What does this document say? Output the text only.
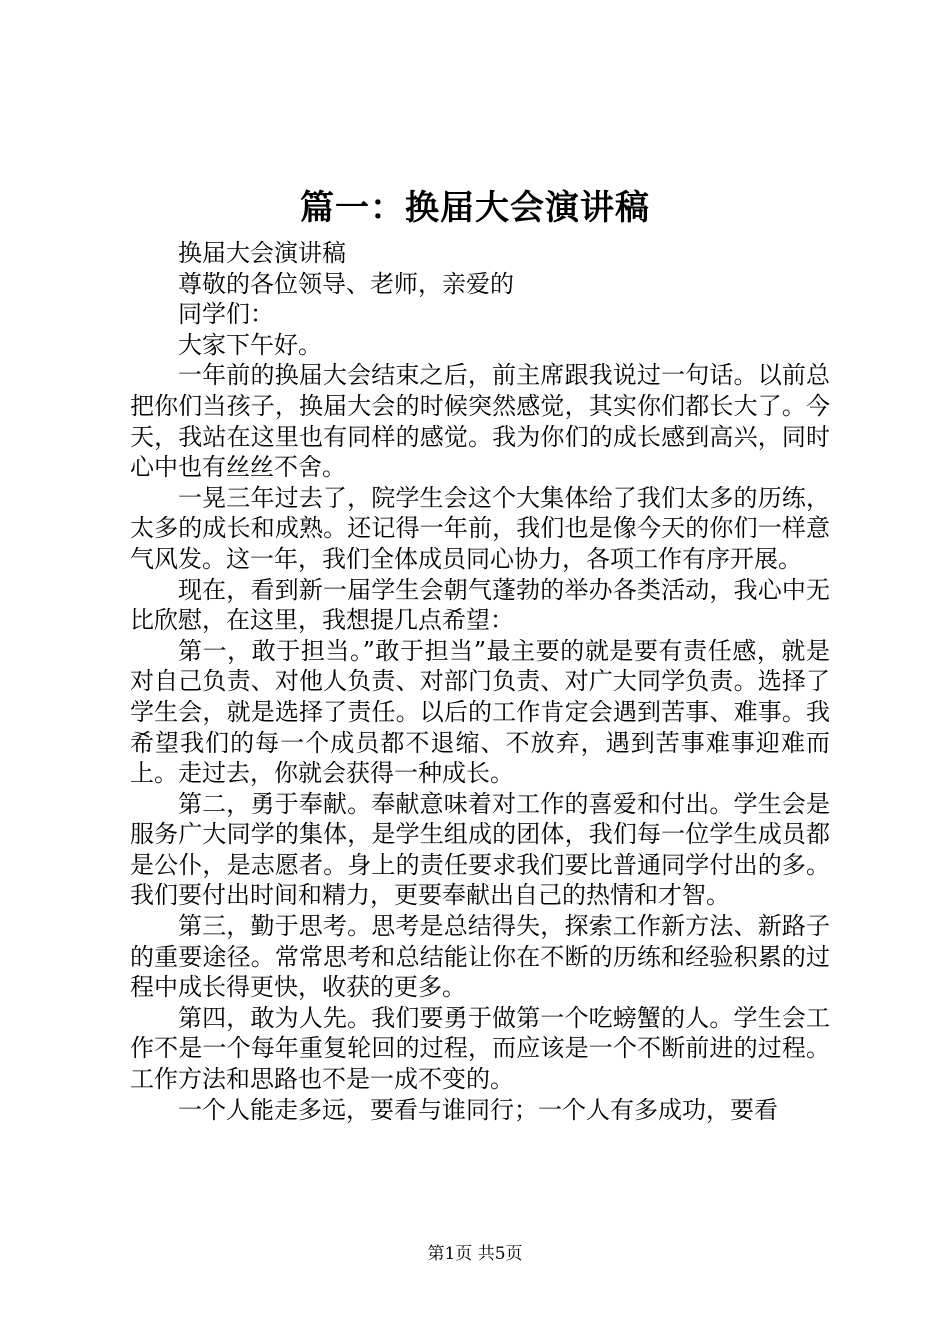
篇一：换届大会演讲稿

换届大会演讲稿

尊敬的各位领导、老师，亲爱的

同学们：

大家下午好。

一年前的换届大会结束之后，前主席跟我说过一句话。以前总把你们当孩子，换届大会的时候突然感觉，其实你们都长大了。今天，我站在这里也有同样的感觉。我为你们的成长感到高兴，同时心中也有丝丝不舍。

一晃三年过去了，院学生会这个大集体给了我们太多的历练，太多的成长和成熟。还记得一年前，我们也是像今天的你们一样意气风发。这一年，我们全体成员同心协力，各项工作有序开展。

现在，看到新一届学生会朝气蓬勃的举办各类活动，我心中无比欣慰，在这里，我想提几点希望：

第一，敢于担当。”敢于担当”最主要的就是要有责任感，就是对自己负责、对他人负责、对部门负责、对广大同学负责。选择了学生会，就是选择了责任。以后的工作肯定会遇到苦事、难事。我希望我们的每一个成员都不退缩、不放弃，遇到苦事难事迎难而上。走过去，你就会获得一种成长。

第二，勇于奉献。奉献意味着对工作的喜爱和付出。学生会是服务广大同学的集体，是学生组成的团体，我们每一位学生成员都是公仆，是志愿者。身上的责任要求我们要比普通同学付出的多。我们要付出时间和精力，更要奉献出自己的热情和才智。

第三，勤于思考。思考是总结得失，探索工作新方法、新路子的重要途径。常常思考和总结能让你在不断的历练和经验积累的过程中成长得更快，收获的更多。

第四，敢为人先。我们要勇于做第一个吃螃蟹的人。学生会工作不是一个每年重复轮回的过程，而应该是一个不断前进的过程。工作方法和思路也不是一成不变的。

一个人能走多远，要看与谁同行；一个人有多成功，要看

第1页 共5页
